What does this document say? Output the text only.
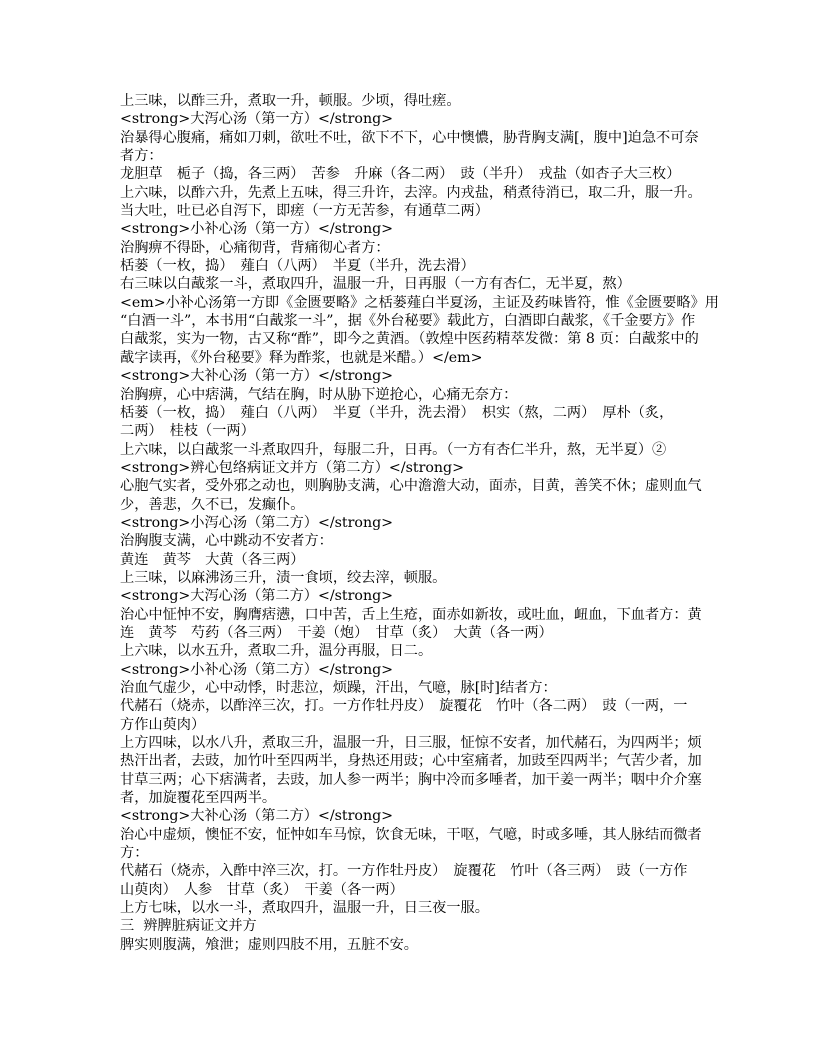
上三味，以酢三升，煮取一升，顿服。少顷，得吐瘥。
<strong>大泻心汤（第一方）</strong>
治暴得心腹痛，痛如刀刺，欲吐不吐，欲下不下，心中懊憹，胁背胸支满[，腹中]迫急不可奈
者方：
龙胆草　栀子（捣，各三两）　苦参　升麻（各二两）　豉（半升）　戎盐（如杏子大三枚）
上六味，以酢六升，先煮上五味，得三升许，去滓。内戎盐，稍煮待消已，取二升，服一升。
当大吐，吐已必自泻下，即瘥（一方无苦参，有通草二两）
<strong>小补心汤（第一方）</strong>
治胸痹不得卧，心痛彻背，背痛彻心者方：
栝蒌（一枚，捣）　薤白（八两）　半夏（半升，洗去滑）
右三味以白酨浆一斗，煮取四升，温服一升，日再服（一方有杏仁，无半夏，熬）
<em>小补心汤第一方即《金匮要略》之栝蒌薤白半夏汤，主证及药味皆符，惟《金匮要略》用
“白酒一斗”，本书用“白酨浆一斗”，据《外台秘要》载此方，白酒即白酨浆，《千金要方》作
白酨浆，实为一物，古又称“酢”，即今之黄酒。（敦煌中医药精萃发微：第 8 页：白酨浆中的
酨字读再，《外台秘要》释为酢浆，也就是米醋。）</em>
<strong>大补心汤（第一方）</strong>
治胸痹，心中痞满，气结在胸，时从胁下逆抢心，心痛无奈方：
栝蒌（一枚，捣）　薤白（八两）　半夏（半升，洗去滑）　枳实（熬，二两）　厚朴（炙，
二两）　桂枝（一两）
上六味，以白酨浆一斗煮取四升，每服二升，日再。（一方有杏仁半升，熬，无半夏）②
<strong>辨心包络病证文并方（第二方）</strong>
心胞气实者，受外邪之动也，则胸胁支满，心中澹澹大动，面赤，目黄，善笑不休；虚则血气
少，善悲，久不已，发癫仆。
<strong>小泻心汤（第二方）</strong>
治胸腹支满，心中跳动不安者方：
黄连　黄芩　大黄（各三两）
上三味，以麻沸汤三升，渍一食顷，绞去滓，顿服。
<strong>大泻心汤（第二方）</strong>
治心中怔忡不安，胸膺痞懑，口中苦，舌上生疮，面赤如新妆，或吐血，衄血，下血者方：黄
连　黄芩　芍药（各三两）　干姜（炮）　甘草（炙）　大黄（各一两）
上六味，以水五升，煮取二升，温分再服，日二。
<strong>小补心汤（第二方）</strong>
治血气虚少，心中动悸，时悲泣，烦躁，汗出，气噫，脉[时]结者方：
代赭石（烧赤，以酢淬三次，打。一方作牡丹皮）　旋覆花　竹叶（各二两）　豉（一两，一
方作山萸肉）
上方四味，以水八升，煮取三升，温服一升，日三服，怔惊不安者，加代赭石，为四两半；烦
热汗出者，去豉，加竹叶至四两半，身热还用豉；心中室痛者，加豉至四两半；气苦少者，加
甘草三两；心下痞满者，去豉，加人参一两半；胸中冷而多唾者，加干姜一两半；咽中介介塞
者，加旋覆花至四两半。
<strong>大补心汤（第二方）</strong>
治心中虚烦，懊怔不安，怔忡如车马惊，饮食无味，干呕，气噫，时或多唾，其人脉结而微者
方：
代赭石（烧赤，入酢中淬三次，打。一方作牡丹皮）　旋覆花　竹叶（各三两）　豉（一方作
山萸肉）　人参　甘草（炙）　干姜（各一两）
上方七味，以水一斗，煮取四升，温服一升，日三夜一服。
三  辨脾脏病证文并方
脾实则腹满，飧泄；虚则四肢不用，五脏不安。
